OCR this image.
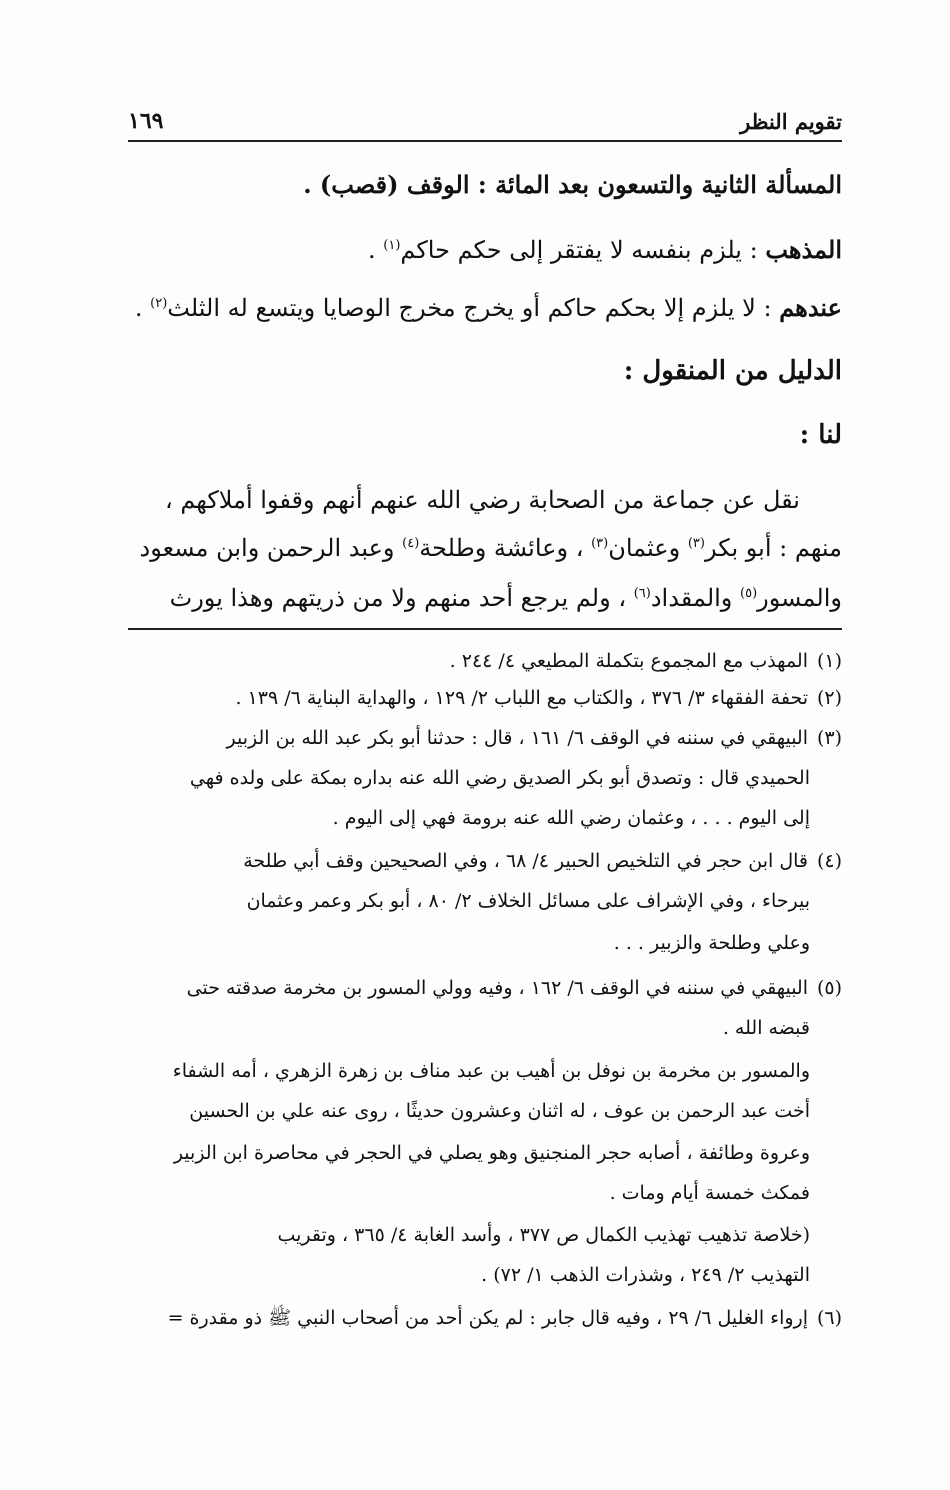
تقويم النظر
١٦٩
المسألة الثانية والتسعون بعد المائة : الوقف (قصب) .
المذهب : يلزم بنفسه لا يفتقر إلى حكم حاكم$^{(١)}$ .
عندهم : لا يلزم إلا بحكم حاكم أو يخرج مخرج الوصايا ويتسع له الثلث$^{(٢)}$ .
الدليل من المنقول :
لنا :
نقل عن جماعة من الصحابة رضي الله عنهم أنهم وقفوا أملاكهم ،
منهم : أبو بكر$^{(٣)}$ وعثمان$^{(٣)}$ ، وعائشة وطلحة$^{(٤)}$ وعبد الرحمن وابن مسعود
والمسور$^{(٥)}$ والمقداد$^{(٦)}$ ، ولم يرجع أحد منهم ولا من ذريتهم وهذا يورث
(١)المهذب مع المجموع بتكملة المطيعي ٤/ ٢٤٤ .
(٢)تحفة الفقهاء ٣/ ٣٧٦ ، والكتاب مع اللباب ٢/ ١٢٩ ، والهداية البناية ٦/ ١٣٩ .
(٣)البيهقي في سننه في الوقف ٦/ ١٦١ ، قال : حدثنا أبو بكر عبد الله بن الزبير
الحميدي قال : وتصدق أبو بكر الصديق رضي الله عنه بداره بمكة على ولده فهي
إلى اليوم . . . ، وعثمان رضي الله عنه برومة فهي إلى اليوم .
(٤)قال ابن حجر في التلخيص الحبير ٤/ ٦٨ ، وفي الصحيحين وقف أبي طلحة
بيرحاء ، وفي الإشراف على مسائل الخلاف ٢/ ٨٠ ، أبو بكر وعمر وعثمان
وعلي وطلحة والزبير . . .
(٥)البيهقي في سننه في الوقف ٦/ ١٦٢ ، وفيه وولي المسور بن مخرمة صدقته حتى
قبضه الله .
والمسور بن مخرمة بن نوفل بن أهيب بن عبد مناف بن زهرة الزهري ، أمه الشفاء
أخت عبد الرحمن بن عوف ، له اثنان وعشرون حديثًا ، روى عنه علي بن الحسين
وعروة وطائفة ، أصابه حجر المنجنيق وهو يصلي في الحجر في محاصرة ابن الزبير
فمكث خمسة أيام ومات .
(خلاصة تذهيب تهذيب الكمال ص ٣٧٧ ، وأسد الغابة ٤/ ٣٦٥ ، وتقريب
التهذيب ٢/ ٢٤٩ ، وشذرات الذهب ١/ ٧٢) .
(٦)إرواء الغليل ٦/ ٢٩ ، وفيه قال جابر : لم يكن أحد من أصحاب النبي ﷺ ذو مقدرة =
